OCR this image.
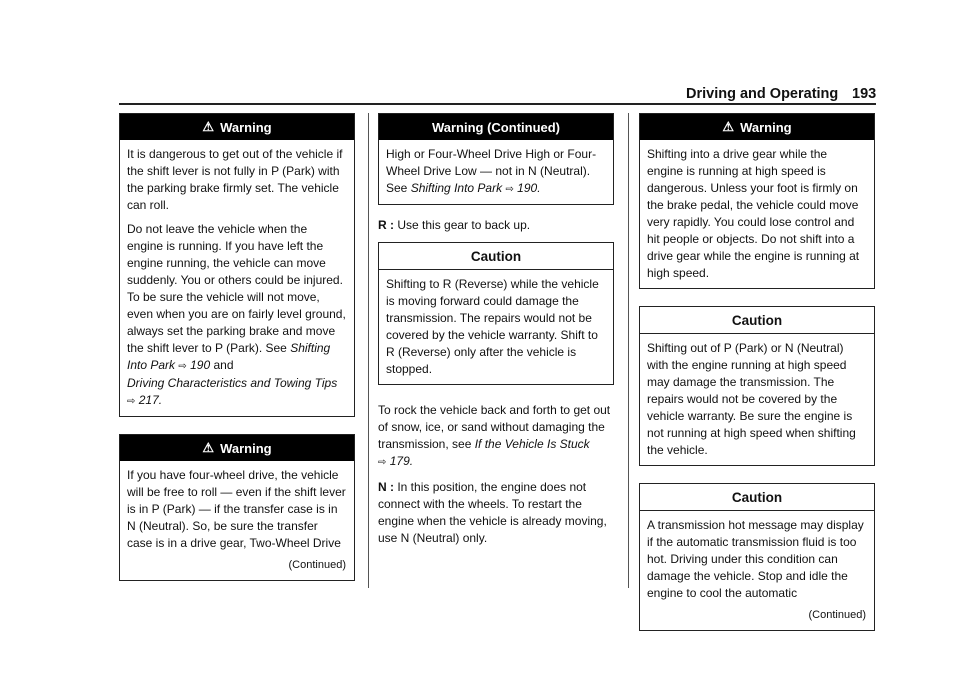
Driving and Operating 193
⚠ Warning

It is dangerous to get out of the vehicle if the shift lever is not fully in P (Park) with the parking brake firmly set. The vehicle can roll.

Do not leave the vehicle when the engine is running. If you have left the engine running, the vehicle can move suddenly. You or others could be injured. To be sure the vehicle will not move, even when you are on fairly level ground, always set the parking brake and move the shift lever to P (Park). See Shifting Into Park ⇨ 190 and
Driving Characteristics and Towing Tips
⇨ 217.

⚠ Warning

If you have four-wheel drive, the vehicle will be free to roll — even if the shift lever is in P (Park) — if the transfer case is in N (Neutral). So, be sure the transfer case is in a drive gear, Two-Wheel Drive

(Continued)
Warning (Continued)

High or Four-Wheel Drive High or Four-Wheel Drive Low — not in N (Neutral). See Shifting Into Park ⇨ 190.

R : Use this gear to back up.

Caution

Shifting to R (Reverse) while the vehicle is moving forward could damage the transmission. The repairs would not be covered by the vehicle warranty. Shift to R (Reverse) only after the vehicle is stopped.

To rock the vehicle back and forth to get out of snow, ice, or sand without damaging the transmission, see If the Vehicle Is Stuck
⇨ 179.

N : In this position, the engine does not connect with the wheels. To restart the engine when the vehicle is already moving, use N (Neutral) only.

⚠ Warning

Shifting into a drive gear while the engine is running at high speed is dangerous. Unless your foot is firmly on the brake pedal, the vehicle could move very rapidly. You could lose control and hit people or objects. Do not shift into a drive gear while the engine is running at high speed.

Caution

Shifting out of P (Park) or N (Neutral) with the engine running at high speed may damage the transmission. The repairs would not be covered by the vehicle warranty. Be sure the engine is not running at high speed when shifting the vehicle.

Caution

A transmission hot message may display if the automatic transmission fluid is too hot. Driving under this condition can damage the vehicle. Stop and idle the engine to cool the automatic

(Continued)
